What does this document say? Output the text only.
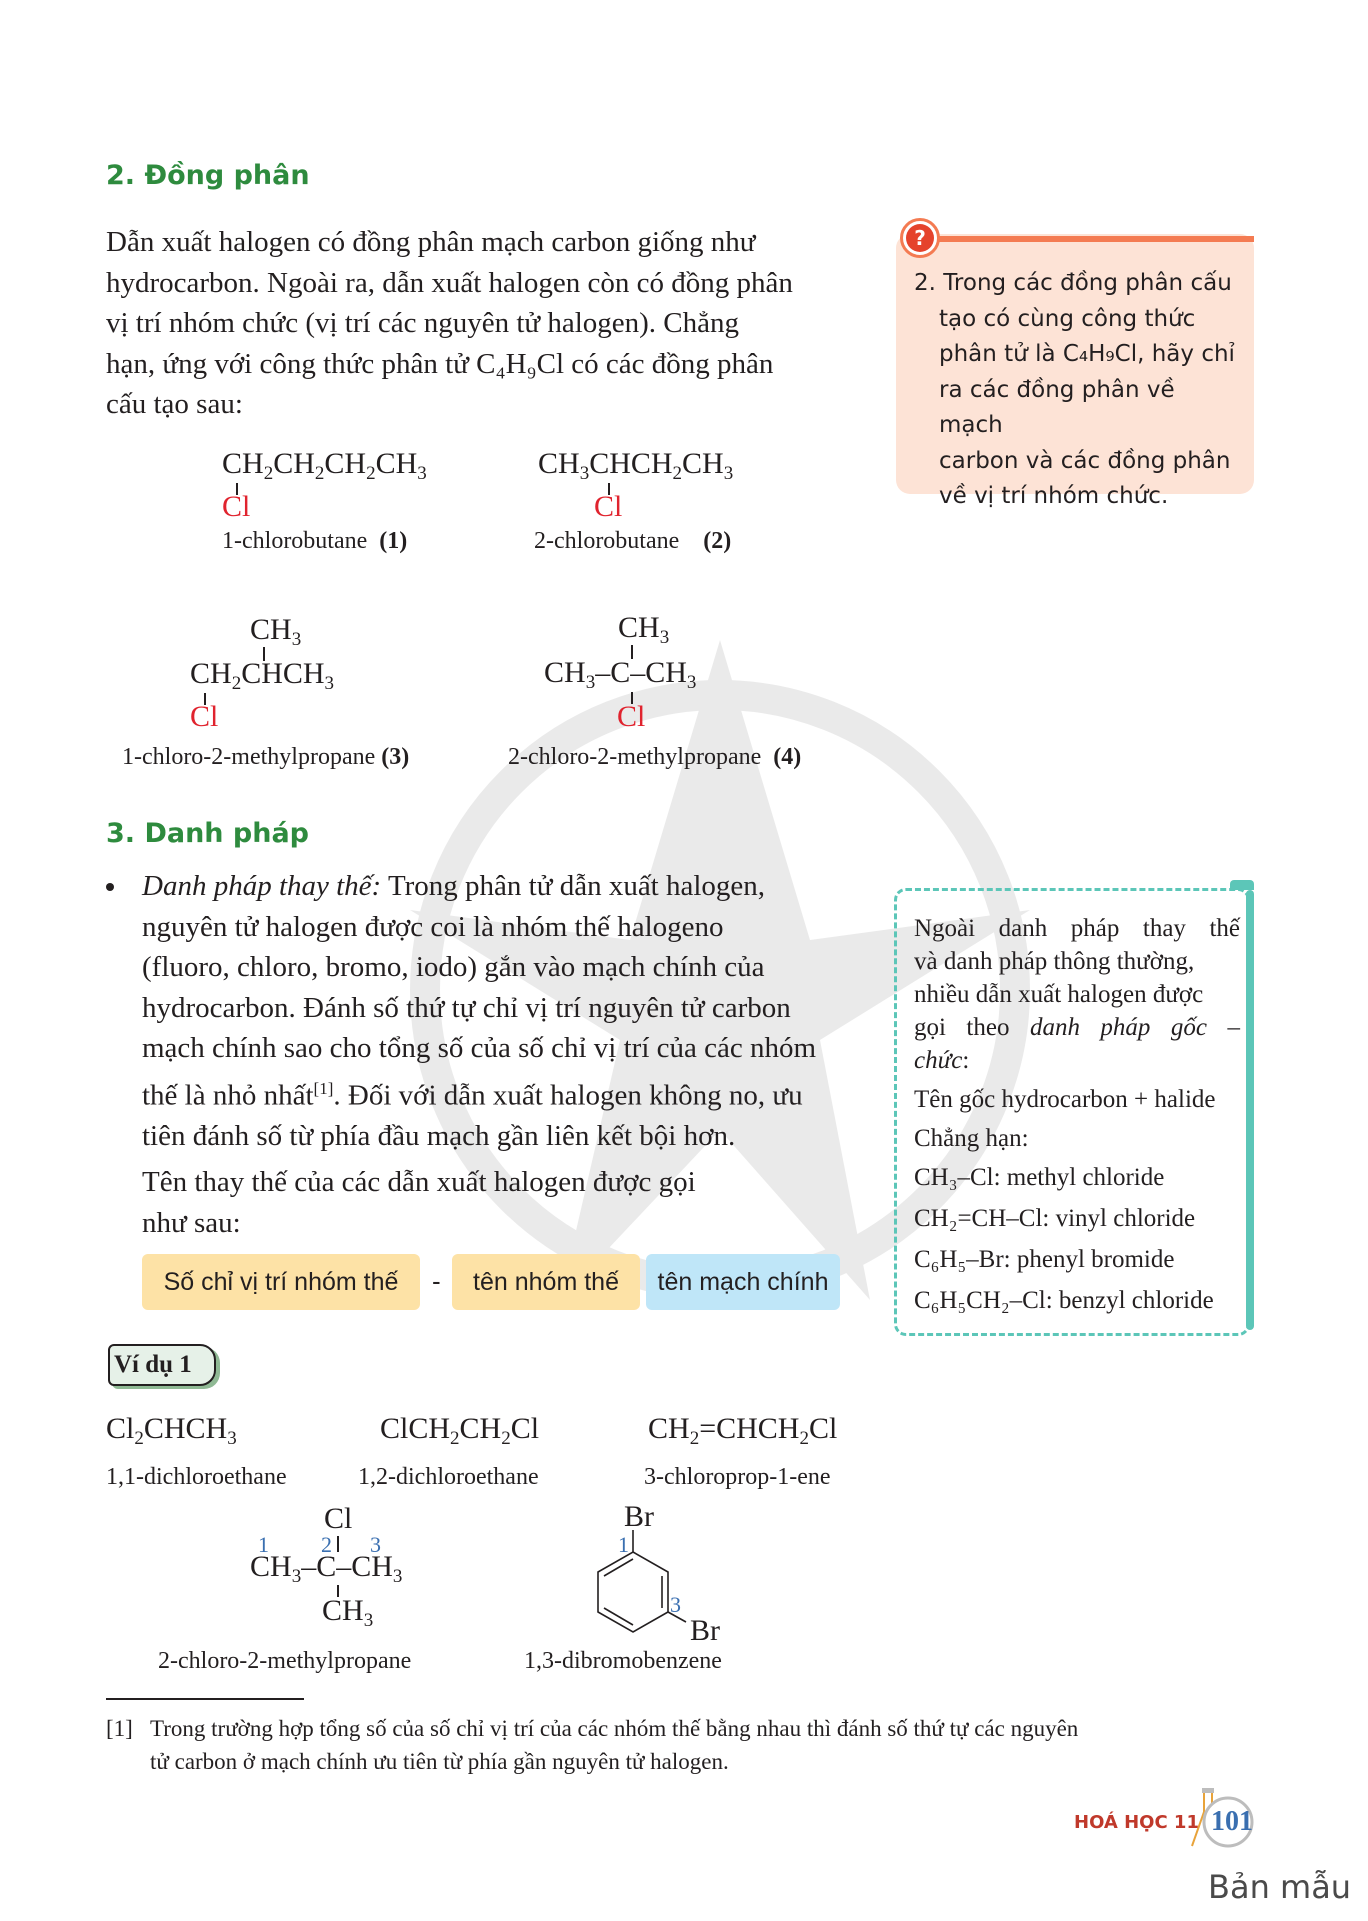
2. Đồng phân
Dẫn xuất halogen có đồng phân mạch carbon giống như
hydrocarbon. Ngoài ra, dẫn xuất halogen còn có đồng phân
vị trí nhóm chức (vị trí các nguyên tử halogen). Chẳng
hạn, ứng với công thức phân tử C₄H₉Cl có các đồng phân
cấu tạo sau:
$CH_2CH_2CH_2CH_3$
Cl
1-chlorobutane (1)
$CH_3CHCH_2CH_3$
Cl
2-chlorobutane (2)
$CH_3$
$CH_2CHCH_3$
Cl
1-chloro-2-methylpropane (3)
$CH_3$
$CH_3-C-CH_3$
Cl
2-chloro-2-methylpropane (4)
?
2. Trong các đồng phân cấu
tạo có cùng công thức
phân tử là C₄H₉Cl, hãy chỉ
ra các đồng phân về mạch
carbon và các đồng phân
về vị trí nhóm chức.
3. Danh pháp
Danh pháp thay thế: Trong phân tử dẫn xuất halogen,
nguyên tử halogen được coi là nhóm thế halogeno
(fluoro, chloro, bromo, iodo) gắn vào mạch chính của
hydrocarbon. Đánh số thứ tự chỉ vị trí nguyên tử carbon
mạch chính sao cho tổng số của số chỉ vị trí của các nhóm
thế là nhỏ nhất[1]. Đối với dẫn xuất halogen không no, ưu
tiên đánh số từ phía đầu mạch gần liên kết bội hơn.
Tên thay thế của các dẫn xuất halogen được gọi
như sau:
Số chỉ vị trí nhóm thế	-	tên nhóm thế	tên mạch chính
Ngoài danh pháp thay thế
và danh pháp thông thường,
nhiều dẫn xuất halogen được
gọi theo danh pháp gốc –
chức:
Tên gốc hydrocarbon + halide
Chẳng hạn:
CH₃–Cl: methyl chloride
CH₂=CH–Cl: vinyl chloride
C₆H₅–Br: phenyl bromide
C₆H₅CH₂–Cl: benzyl chloride
Ví dụ 1
$Cl_2CHCH_3$
1,1-dichloroethane
$ClCH_2CH_2Cl$
1,2-dichloroethane
$CH_2=CHCH_2Cl$
3-chloroprop-1-ene
Cl
1 2 3
$CH_3-C-CH_3$
$CH_3$
2-chloro-2-methylpropane
Br
1
3
Br
1,3-dibromobenzene
[1] Trong trường hợp tổng số của số chỉ vị trí của các nhóm thế bằng nhau thì đánh số thứ tự các nguyên
tử carbon ở mạch chính ưu tiên từ phía gần nguyên tử halogen.
HOÁ HỌC 11 101
Bản mẫu
